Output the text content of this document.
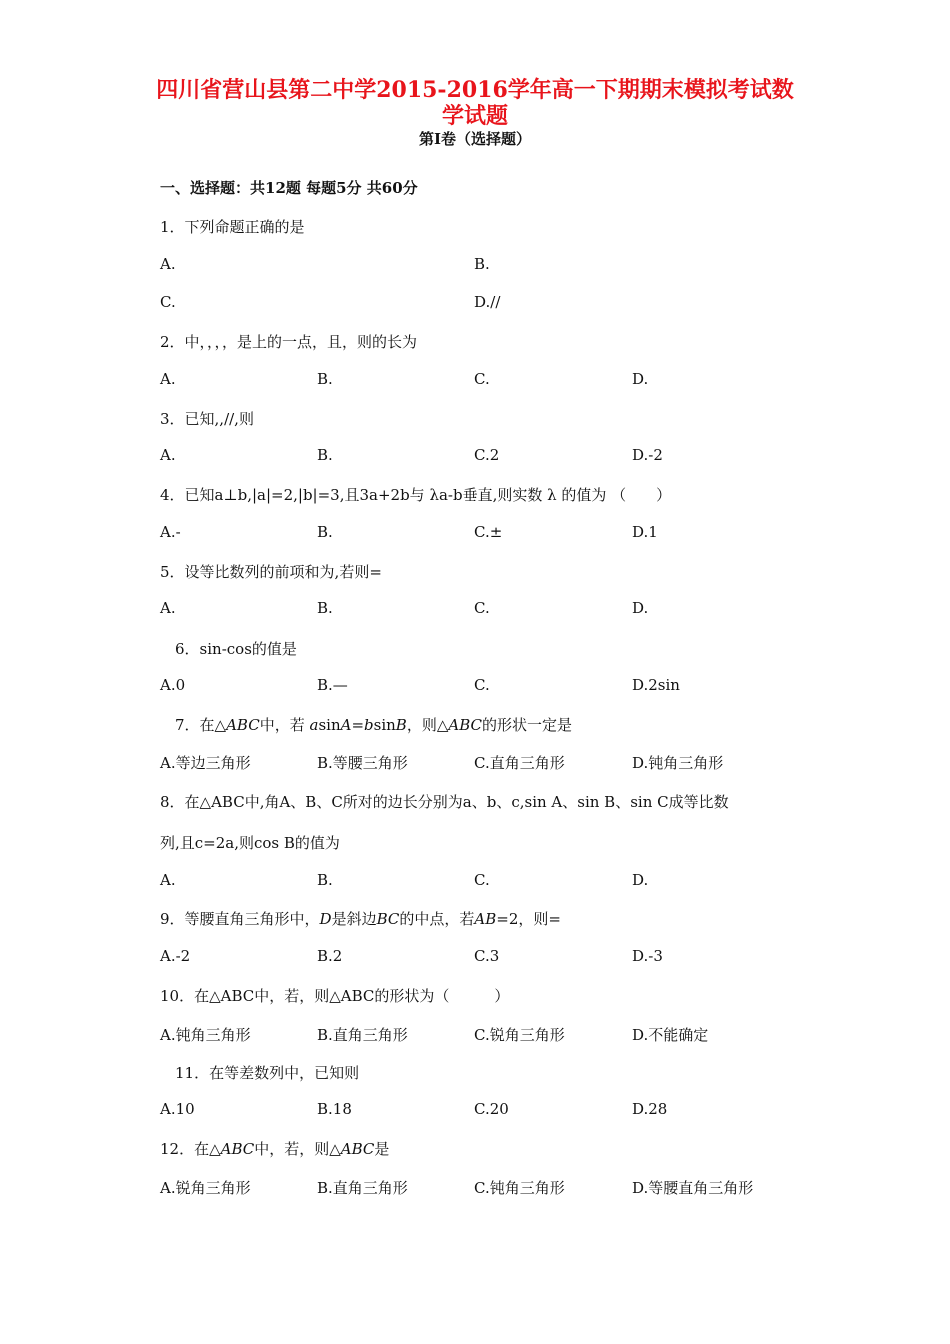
四川省营山县第二中学2015-2016学年高一下期期末模拟考试数
学试题
第I卷（选择题）
一、选择题：共12题 每题5分 共60分
1．下列命题正确的是
A.	B.
C.	D.//
2．中，，，，是上的一点，且，则的长为
A.	B.	C.	D.
3．已知,,//,则
A.	B.	C.2	D.-2
4．已知a⊥b,|a|=2,|b|=3,且3a+2b与 λa-b垂直,则实数 λ 的值为 （　　）
A.-	B.	C.±	D.1
5．设等比数列的前项和为,若则=
A.	B.	C.	D.
6．sin-cos的值是
A.0	B.—	C.	D.2sin
7．在△ABC中，若 asinA=bsinB，则△ABC的形状一定是
A.等边三角形	B.等腰三角形	C.直角三角形	D.钝角三角形
8．在△ABC中,角A、B、C所对的边长分别为a、b、c,sin A、sin B、sin C成等比数
列,且c=2a,则cos B的值为
A.	B.	C.	D.
9．等腰直角三角形中，D是斜边BC的中点，若AB=2，则=
A.-2	B.2	C.3	D.-3
10．在△ABC中，若，则△ABC的形状为（　　　）
A.钝角三角形	B.直角三角形	C.锐角三角形	D.不能确定
11．在等差数列中，已知则
A.10	B.18	C.20	D.28
12．在△ABC中，若，则△ABC是
A.锐角三角形	B.直角三角形	C.钝角三角形	D.等腰直角三角形
